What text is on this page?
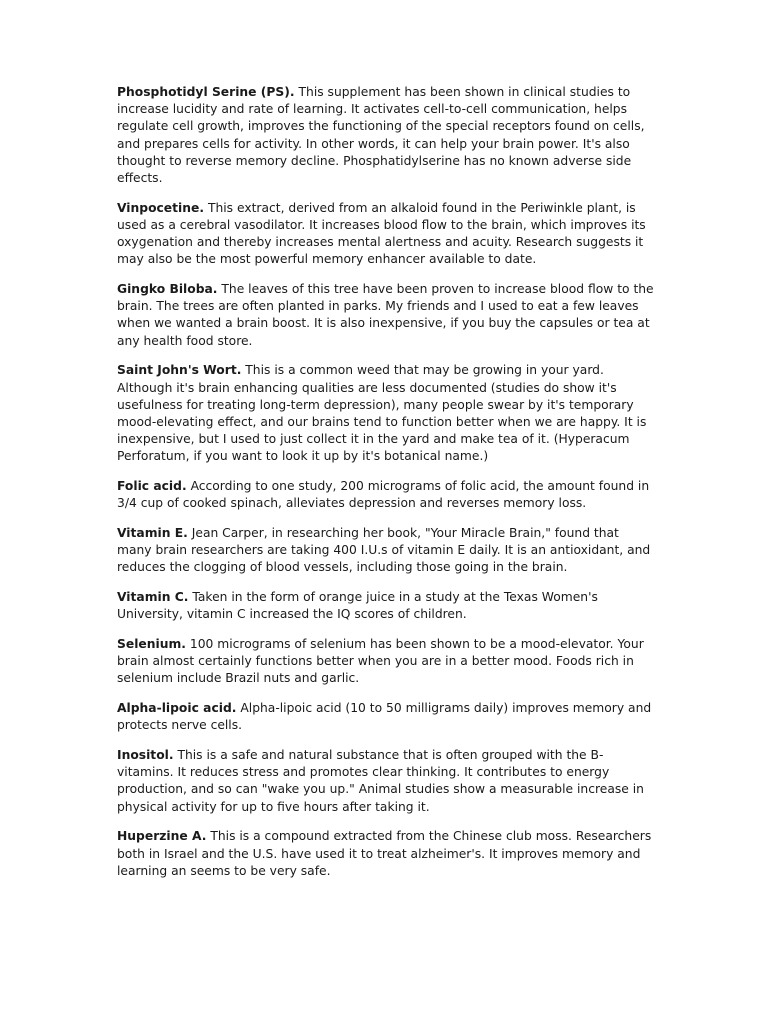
Phosphotidyl Serine (PS). This supplement has been shown in clinical studies to increase lucidity and rate of learning. It activates cell-to-cell communication, helps regulate cell growth, improves the functioning of the special receptors found on cells, and prepares cells for activity. In other words, it can help your brain power. It's also thought to reverse memory decline. Phosphatidylserine has no known adverse side effects.

Vinpocetine. This extract, derived from an alkaloid found in the Periwinkle plant, is used as a cerebral vasodilator. It increases blood flow to the brain, which improves its oxygenation and thereby increases mental alertness and acuity. Research suggests it may also be the most powerful memory enhancer available to date.

Gingko Biloba. The leaves of this tree have been proven to increase blood flow to the brain. The trees are often planted in parks. My friends and I used to eat a few leaves when we wanted a brain boost. It is also inexpensive, if you buy the capsules or tea at any health food store.

Saint John's Wort. This is a common weed that may be growing in your yard. Although it's brain enhancing qualities are less documented (studies do show it's usefulness for treating long-term depression), many people swear by it's temporary mood-elevating effect, and our brains tend to function better when we are happy. It is inexpensive, but I used to just collect it in the yard and make tea of it. (Hyperacum Perforatum, if you want to look it up by it's botanical name.)

Folic acid. According to one study, 200 micrograms of folic acid, the amount found in 3/4 cup of cooked spinach, alleviates depression and reverses memory loss.

Vitamin E. Jean Carper, in researching her book, "Your Miracle Brain," found that many brain researchers are taking 400 I.U.s of vitamin E daily. It is an antioxidant, and reduces the clogging of blood vessels, including those going in the brain.

Vitamin C. Taken in the form of orange juice in a study at the Texas Women's University, vitamin C increased the IQ scores of children.

Selenium. 100 micrograms of selenium has been shown to be a mood-elevator. Your brain almost certainly functions better when you are in a better mood. Foods rich in selenium include Brazil nuts and garlic.

Alpha-lipoic acid. Alpha-lipoic acid (10 to 50 milligrams daily) improves memory and protects nerve cells.

Inositol. This is a safe and natural substance that is often grouped with the B-vitamins. It reduces stress and promotes clear thinking. It contributes to energy production, and so can "wake you up." Animal studies show a measurable increase in physical activity for up to five hours after taking it.

Huperzine A. This is a compound extracted from the Chinese club moss. Researchers both in Israel and the U.S. have used it to treat alzheimer's. It improves memory and learning an seems to be very safe.
